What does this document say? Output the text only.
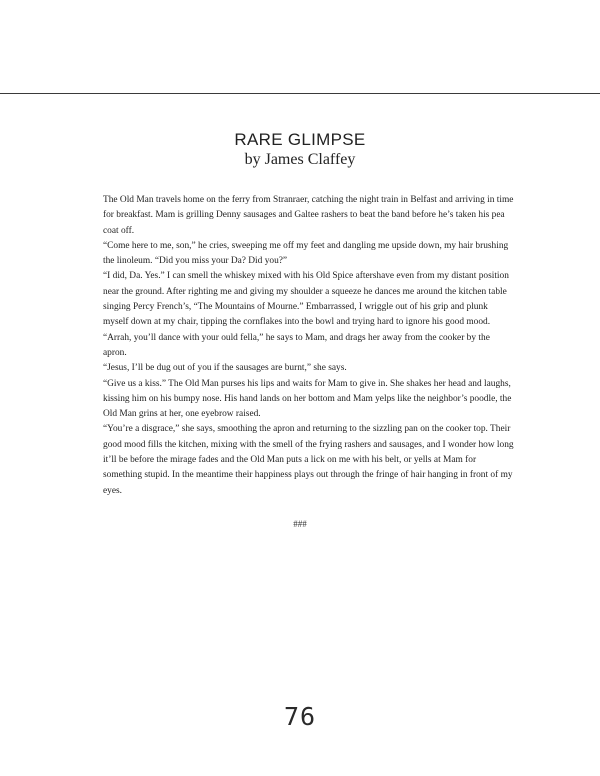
RARE GLIMPSE
by James Claffey

The Old Man travels home on the ferry from Stranraer, catching the night train in Belfast and arriving in time for breakfast. Mam is grilling Denny sausages and Galtee rashers to beat the band before he’s taken his pea coat off.

“Come here to me, son,” he cries, sweeping me off my feet and dangling me upside down, my hair brushing the linoleum. “Did you miss your Da? Did you?”

“I did, Da. Yes.” I can smell the whiskey mixed with his Old Spice aftershave even from my distant position near the ground. After righting me and giving my shoulder a squeeze he dances me around the kitchen table singing Percy French’s, “The Mountains of Mourne.” Embarrassed, I wriggle out of his grip and plunk myself down at my chair, tipping the cornflakes into the bowl and trying hard to ignore his good mood.

“Arrah, you’ll dance with your ould fella,” he says to Mam, and drags her away from the cooker by the apron.

“Jesus, I’ll be dug out of you if the sausages are burnt,” she says.

“Give us a kiss.” The Old Man purses his lips and waits for Mam to give in. She shakes her head and laughs, kissing him on his bumpy nose. His hand lands on her bottom and Mam yelps like the neighbor’s poodle, the Old Man grins at her, one eyebrow raised.

“You’re a disgrace,” she says, smoothing the apron and returning to the sizzling pan on the cooker top. Their good mood fills the kitchen, mixing with the smell of the frying rashers and sausages, and I wonder how long it’ll be before the mirage fades and the Old Man puts a lick on me with his belt, or yells at Mam for something stupid. In the meantime their happiness plays out through the fringe of hair hanging in front of my eyes.

###
76
